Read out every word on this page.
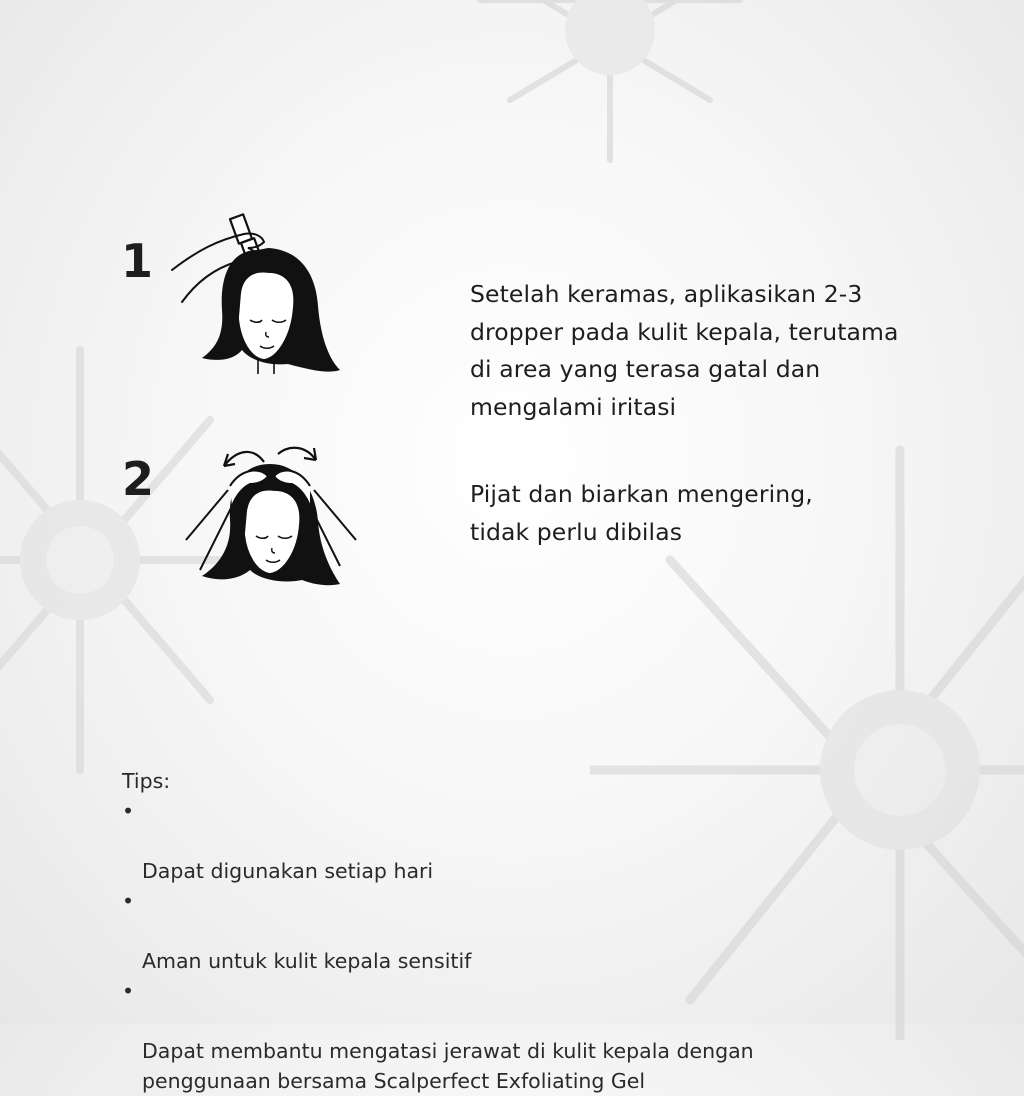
1
Setelah keramas, aplikasikan 2-3
dropper pada kulit kepala, terutama
di area yang terasa gatal dan
mengalami iritasi
2	Pijat dan biarkan mengering,
tidak perlu dibilas
Tips:

•

Dapat digunakan setiap hari

•

Aman untuk kulit kepala sensitif

•

Dapat membantu mengatasi jerawat di kulit kepala dengan
penggunaan bersama Scalperfect Exfoliating Gel
